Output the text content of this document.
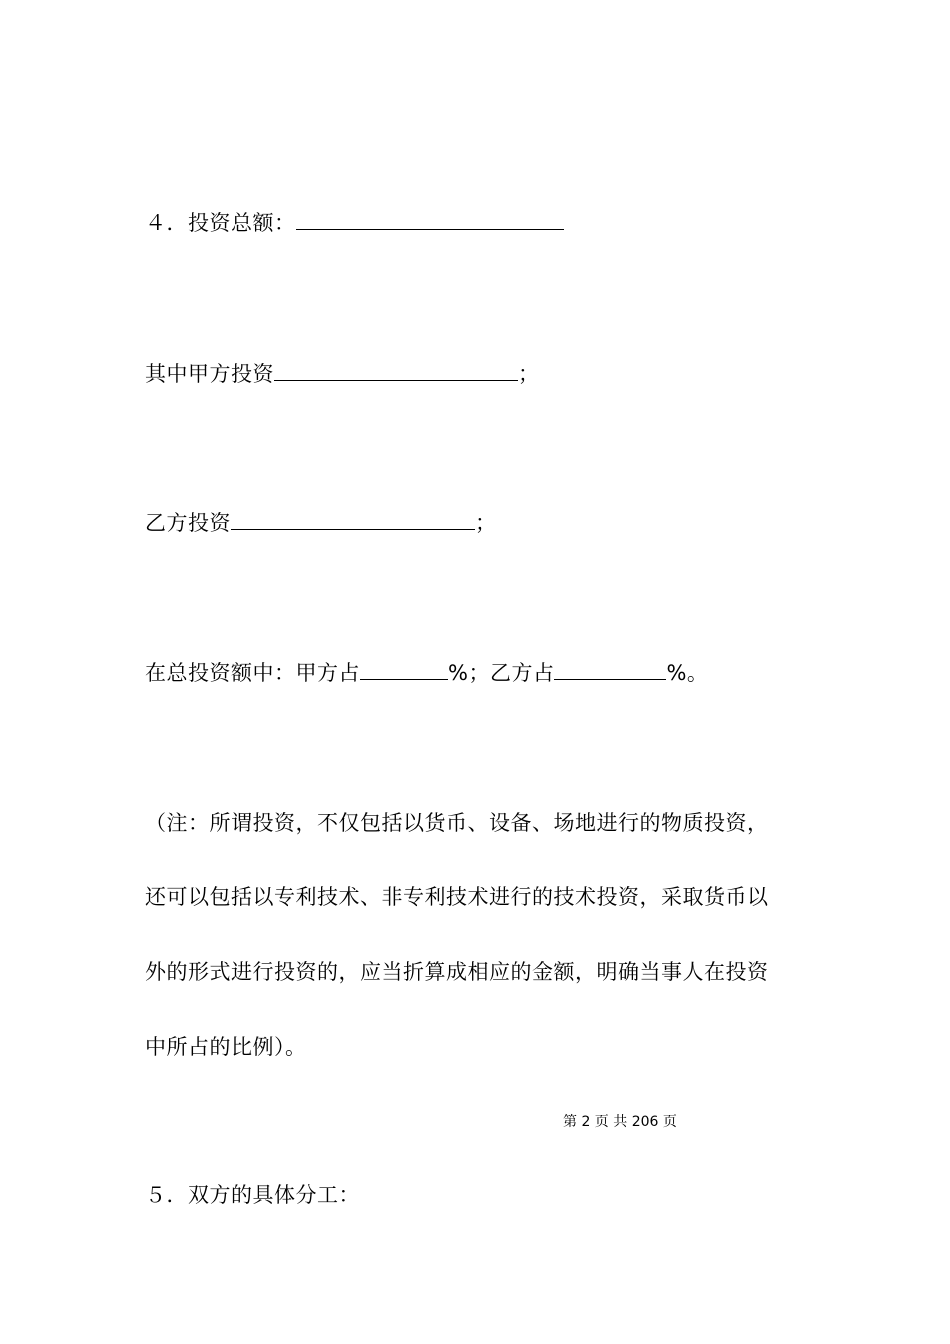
４．投资总额：
其中甲方投资	；
乙方投资	；
在总投资额中：甲方占	%；乙方占	%。
（注：所谓投资，不仅包括以货币、设备、场地进行的物质投资，
还可以包括以专利技术、非专利技术进行的技术投资，采取货币以
外的形式进行投资的，应当折算成相应的金额，明确当事人在投资
中所占的比例）。
第 2 页 共 206 页
５．双方的具体分工：
